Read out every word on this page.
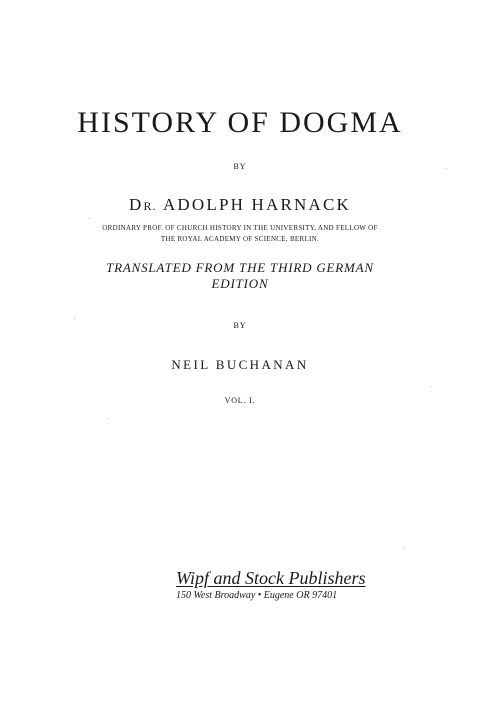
HISTORY OF DOGMA
BY
DR. ADOLPH HARNACK
ORDINARY PROF. OF CHURCH HISTORY IN THE UNIVERSITY, AND FELLOW OF
THE ROYAL ACADEMY OF SCIENCE, BERLIN.
TRANSLATED FROM THE THIRD GERMAN
EDITION
BY
NEIL BUCHANAN
VOL. I.
Wipf and Stock Publishers
150 West Broadway • Eugene OR 97401
